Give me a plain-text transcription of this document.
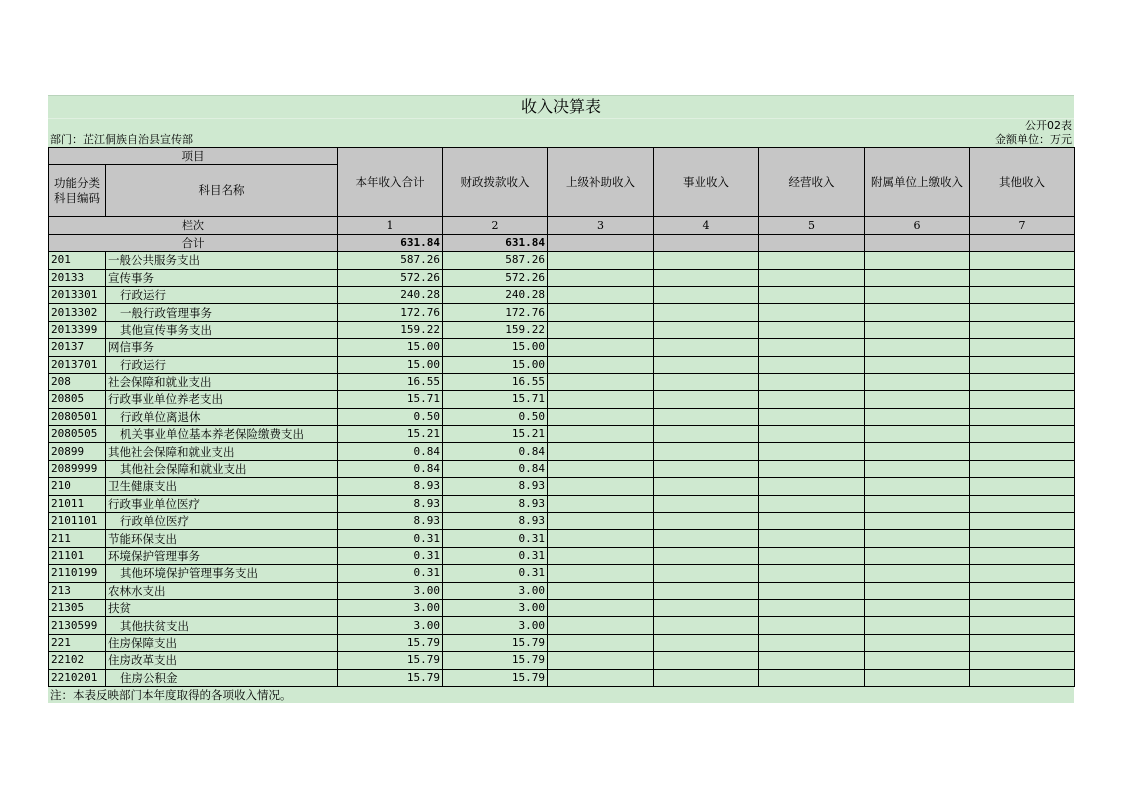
收入决算表
公开02表
部门：芷江侗族自治县宣传部	金额单位：万元
项目		本年收入合计	财政拨款收入	上级补助收入	事业收入	经营收入	附属单位上缴收入	其他收入
功能分类科目编码	科目名称							
栏次		1	2	3	4	5	6	7
合计		631.84	631.84					
201	一般公共服务支出	587.26	587.26					
20133	宣传事务	572.26	572.26					
2013301	行政运行	240.28	240.28					
2013302	一般行政管理事务	172.76	172.76					
2013399	其他宣传事务支出	159.22	159.22					
20137	网信事务	15.00	15.00					
2013701	行政运行	15.00	15.00					
208	社会保障和就业支出	16.55	16.55					
20805	行政事业单位养老支出	15.71	15.71					
2080501	行政单位离退休	0.50	0.50					
2080505	机关事业单位基本养老保险缴费支出	15.21	15.21					
20899	其他社会保障和就业支出	0.84	0.84					
2089999	其他社会保障和就业支出	0.84	0.84					
210	卫生健康支出	8.93	8.93					
21011	行政事业单位医疗	8.93	8.93					
2101101	行政单位医疗	8.93	8.93					
211	节能环保支出	0.31	0.31					
21101	环境保护管理事务	0.31	0.31					
2110199	其他环境保护管理事务支出	0.31	0.31					
213	农林水支出	3.00	3.00					
21305	扶贫	3.00	3.00					
2130599	其他扶贫支出	3.00	3.00					
221	住房保障支出	15.79	15.79					
22102	住房改革支出	15.79	15.79					
2210201	住房公积金	15.79	15.79					
注：本表反映部门本年度取得的各项收入情况。
